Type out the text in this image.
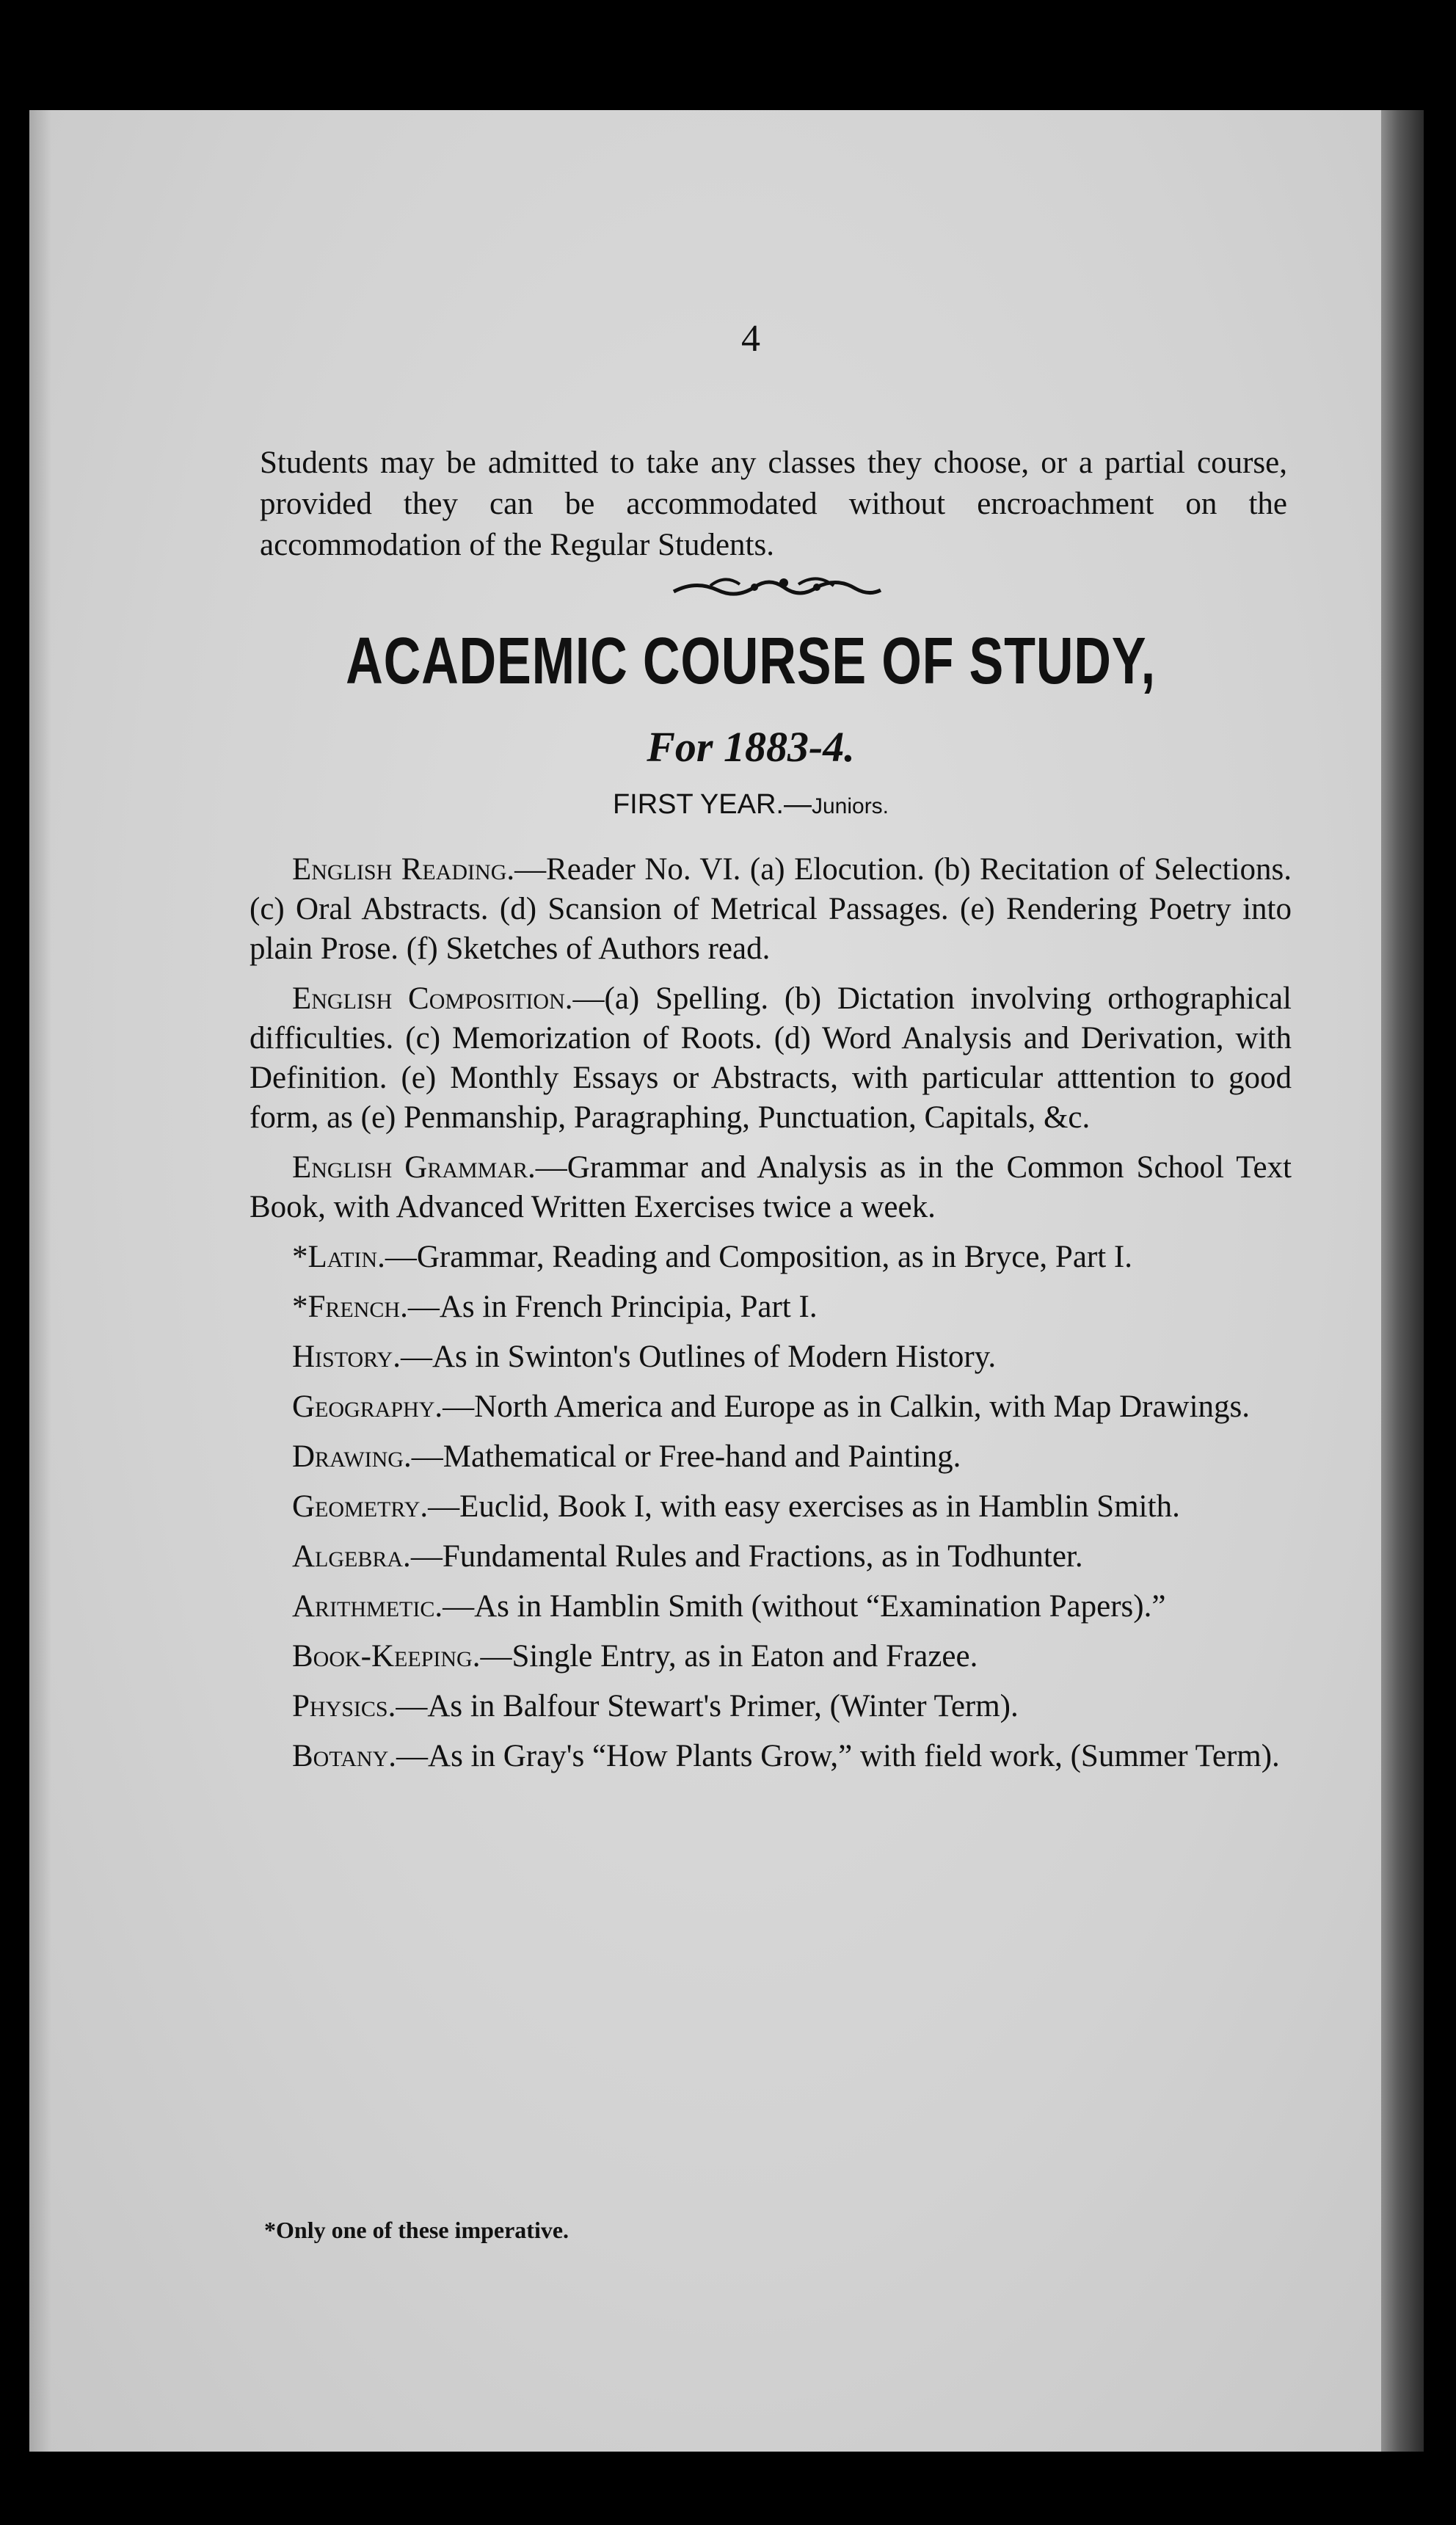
4

Students may be admitted to take any classes they choose, or a partial course, provided they can be accommodated without encroachment on the accommodation of the Regular Students.

ACADEMIC COURSE OF STUDY,
For 1883-4.
FIRST YEAR.—Juniors.

English Reading.—Reader No. VI. (a) Elocution. (b) Recitation of Selections. (c) Oral Abstracts. (d) Scansion of Metrical Passages. (e) Rendering Poetry into plain Prose. (f) Sketches of Authors read.

English Composition.—(a) Spelling. (b) Dictation involving orthographical difficulties. (c) Memorization of Roots. (d) Word Analysis and Derivation, with Definition. (e) Monthly Essays or Abstracts, with particular atttention to good form, as (e) Penmanship, Paragraphing, Punctuation, Capitals, &c.

English Grammar.—Grammar and Analysis as in the Common School Text Book, with Advanced Written Exercises twice a week.

*Latin.—Grammar, Reading and Composition, as in Bryce, Part I.

*French.—As in French Principia, Part I.

History.—As in Swinton's Outlines of Modern History.

Geography.—North America and Europe as in Calkin, with Map Drawings.

Drawing.—Mathematical or Free-hand and Painting.

Geometry.—Euclid, Book I, with easy exercises as in Hamblin Smith.

Algebra.—Fundamental Rules and Fractions, as in Todhunter.

Arithmetic.—As in Hamblin Smith (without “Examination Papers).”

Book-Keeping.—Single Entry, as in Eaton and Frazee.

Physics.—As in Balfour Stewart's Primer, (Winter Term).

Botany.—As in Gray's “How Plants Grow,” with field work, (Summer Term).

*Only one of these imperative.
